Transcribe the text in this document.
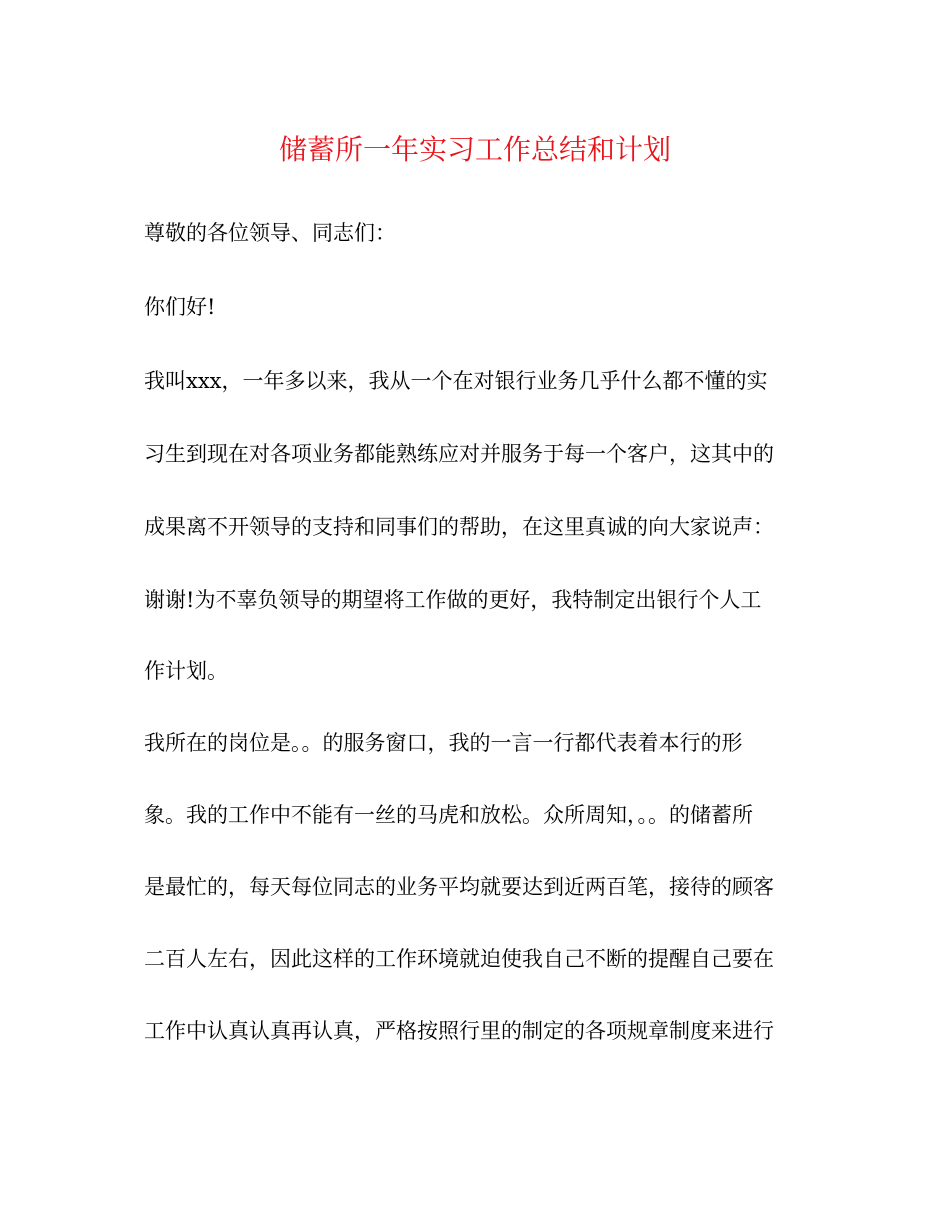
储蓄所一年实习工作总结和计划
尊敬的各位领导、同志们：
你们好!
我叫xxx，一年多以来，我从一个在对银行业务几乎什么都不懂的实
习生到现在对各项业务都能熟练应对并服务于每一个客户，这其中的
成果离不开领导的支持和同事们的帮助，在这里真诚的向大家说声：
谢谢!为不辜负领导的期望将工作做的更好，我特制定出银行个人工
作计划。
我所在的岗位是。。的服务窗口，我的一言一行都代表着本行的形
象。我的工作中不能有一丝的马虎和放松。众所周知，。。的储蓄所
是最忙的，每天每位同志的业务平均就要达到近两百笔，接待的顾客
二百人左右，因此这样的工作环境就迫使我自己不断的提醒自己要在
工作中认真认真再认真，严格按照行里的制定的各项规章制度来进行
